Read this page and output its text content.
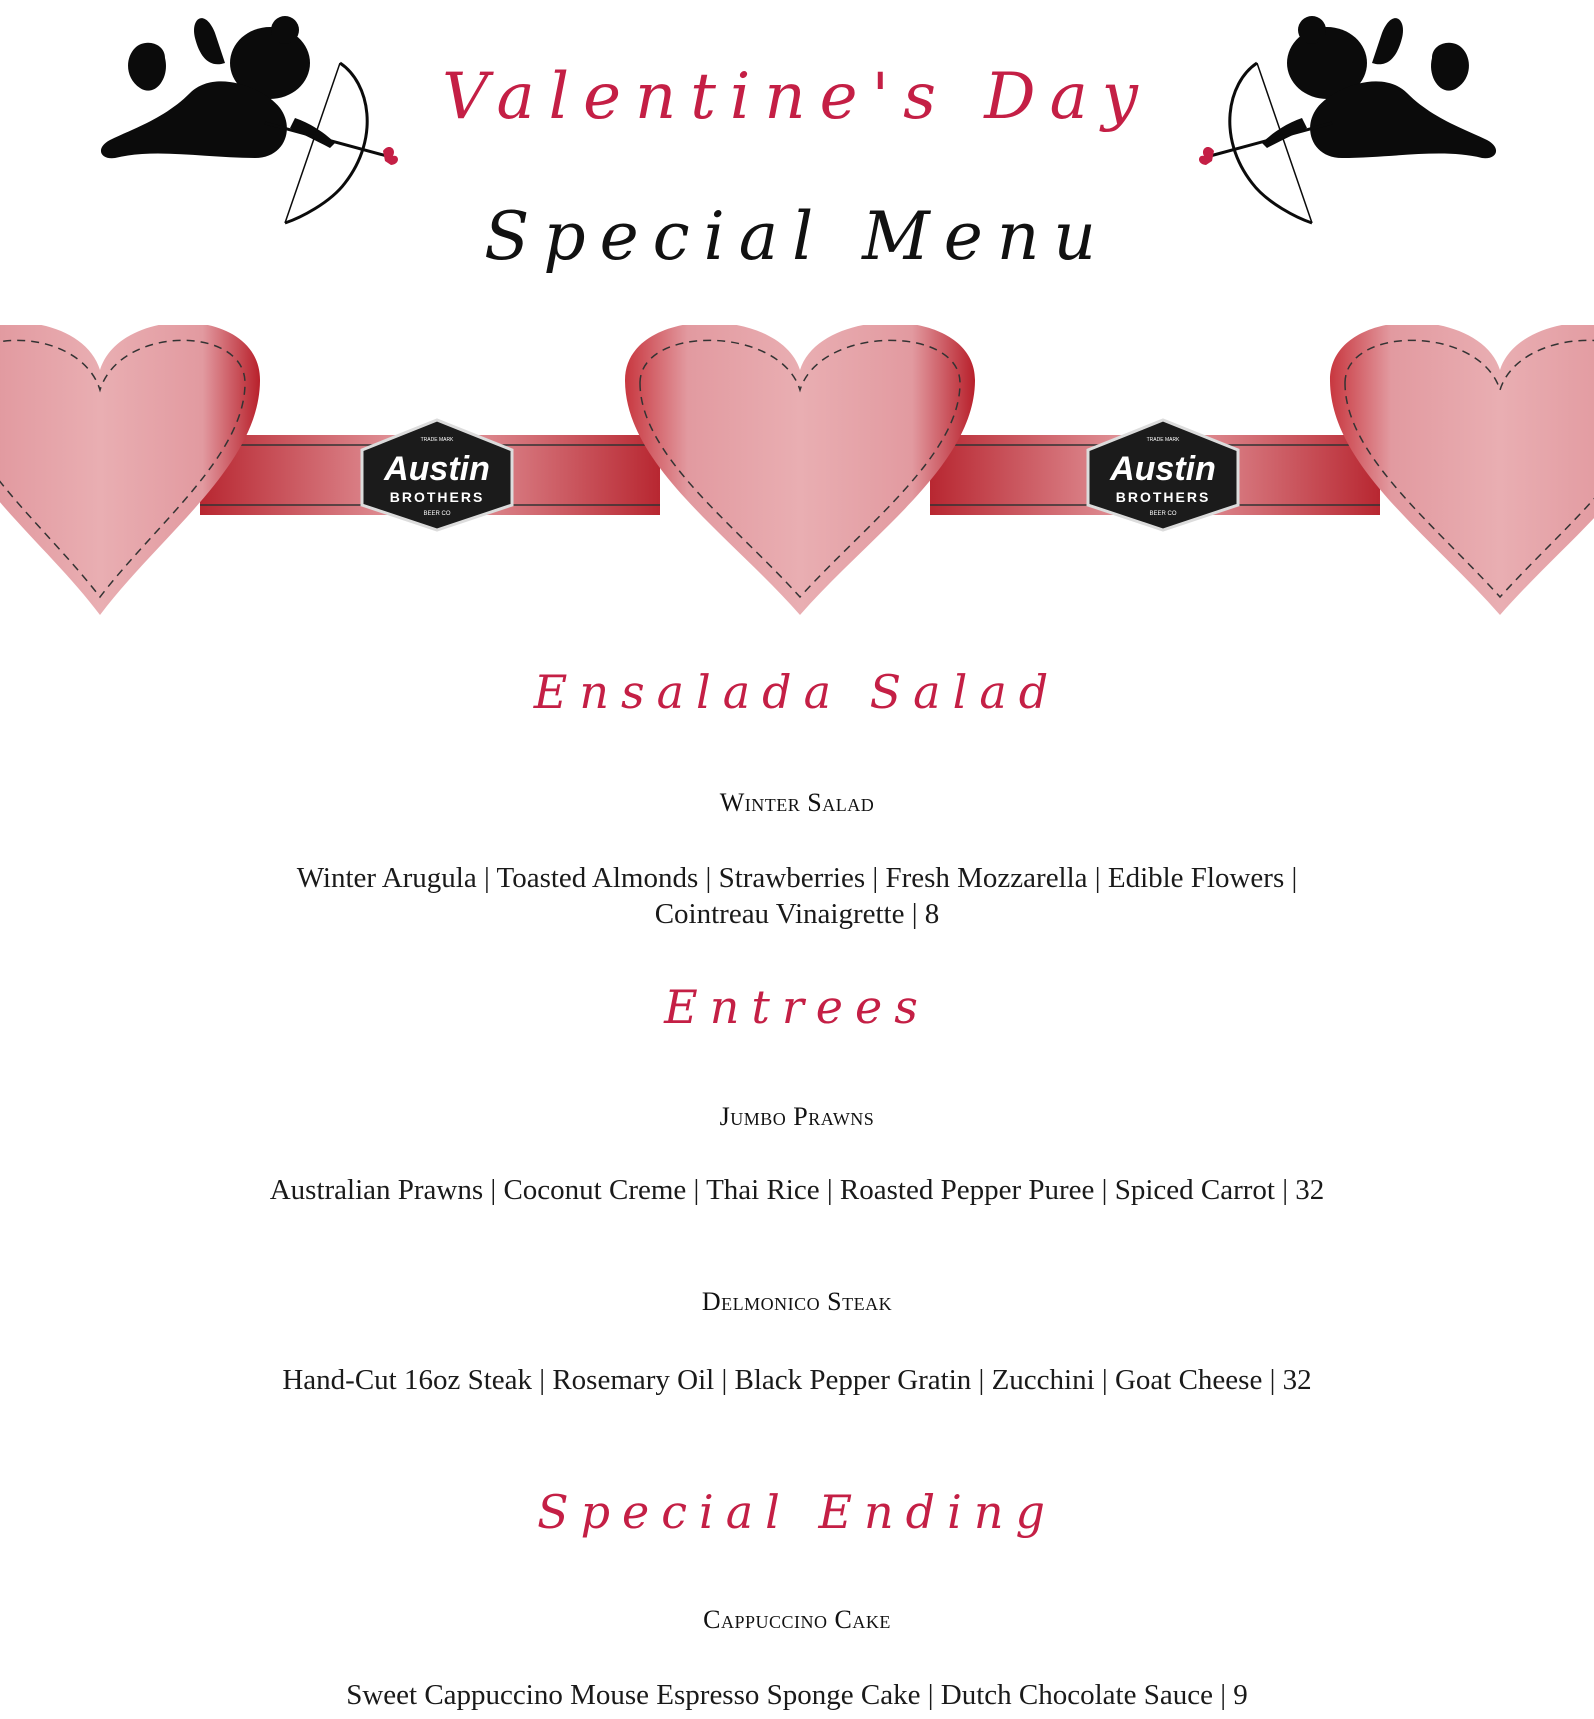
Valentine's Day
Special Menu
Austin
BROTHERS
BEER CO
TRADE MARK
Austin
BROTHERS
BEER CO
TRADE MARK
Ensalada Salad
Winter Salad
Winter Arugula | Toasted Almonds | Strawberries | Fresh Mozzarella | Edible Flowers | Cointreau Vinaigrette | 8
Entrees
Jumbo Prawns
Australian Prawns | Coconut Creme | Thai Rice | Roasted Pepper Puree | Spiced Carrot | 32
Delmonico Steak
Hand-Cut 16oz Steak | Rosemary Oil | Black Pepper Gratin | Zucchini | Goat Cheese | 32
Special Ending
Cappuccino Cake
Sweet Cappuccino Mouse Espresso Sponge Cake | Dutch Chocolate Sauce | 9
